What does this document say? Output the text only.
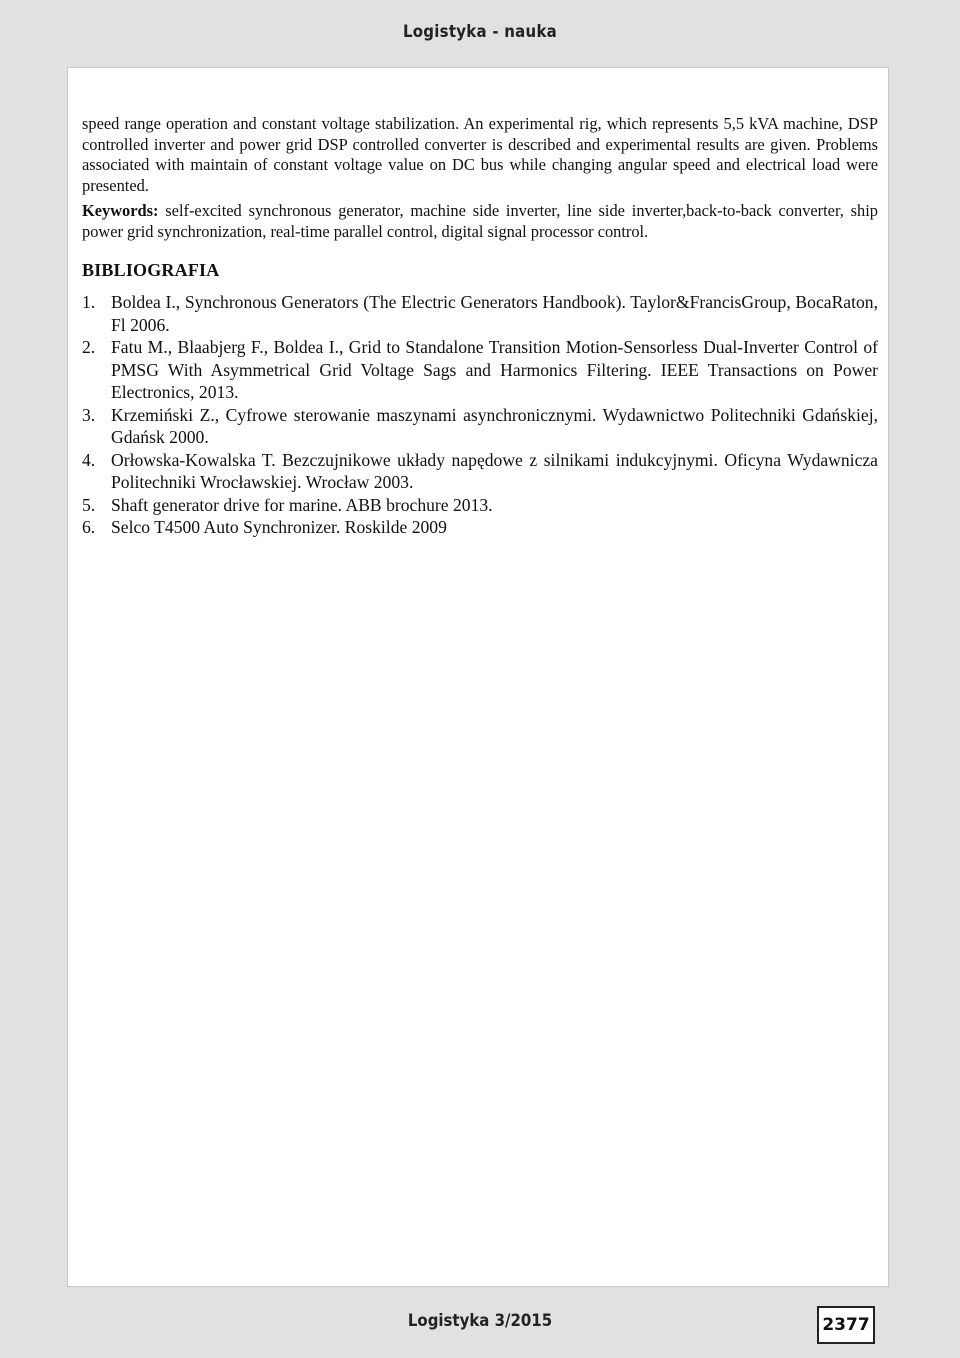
Logistyka - nauka

speed range operation and constant voltage stabilization. An experimental rig, which represents 5,5 kVA machine, DSP controlled inverter and power grid DSP controlled converter is described and experimental results are given. Problems associated with maintain of constant voltage value on DC bus while changing angular speed and electrical load were presented.

Keywords: self-excited synchronous generator, machine side inverter, line side inverter,back-to-back converter, ship power grid synchronization, real-time parallel control, digital signal processor control.

BIBLIOGRAFIA
1. Boldea I., Synchronous Generators (The Electric Generators Handbook). Taylor&FrancisGroup, BocaRaton, Fl 2006.
2. Fatu M., Blaabjerg F., Boldea I., Grid to Standalone Transition Motion-Sensorless Dual-Inverter Control of PMSG With Asymmetrical Grid Voltage Sags and Harmonics Filtering. IEEE Transactions on Power Electronics, 2013.
3. Krzemiński Z., Cyfrowe sterowanie maszynami asynchronicznymi. Wydawnictwo Politechniki Gdańskiej, Gdańsk 2000.
4. Orłowska-Kowalska T. Bezczujnikowe układy napędowe z silnikami indukcyjnymi. Oficyna Wydawnicza Politechniki Wrocławskiej. Wrocław 2003.
5. Shaft generator drive for marine. ABB brochure 2013.
6. Selco T4500 Auto Synchronizer. Roskilde 2009
Logistyka 3/2015	2377
